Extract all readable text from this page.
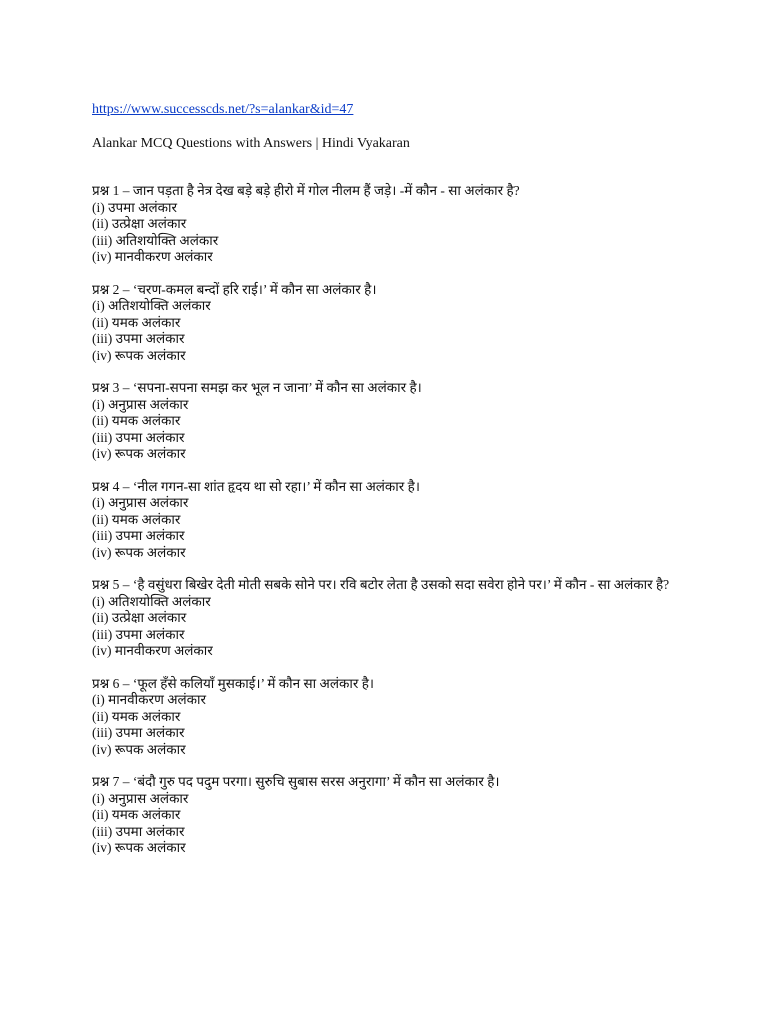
https://www.successcds.net/?s=alankar&id=47
Alankar MCQ Questions with Answers | Hindi Vyakaran
प्रश्न 1 – जान पड़ता है नेत्र देख बड़े बड़े हीरो में गोल नीलम हैं जड़े। -में कौन - सा अलंकार है?
(i) उपमा अलंकार
(ii) उत्प्रेक्षा अलंकार
(iii) अतिशयोक्ति अलंकार
(iv) मानवीकरण अलंकार
प्रश्न 2 – ‘चरण-कमल बन्दों हरि राई।’ में कौन सा अलंकार है।
(i) अतिशयोक्ति अलंकार
(ii) यमक अलंकार
(iii) उपमा अलंकार
(iv) रूपक अलंकार
प्रश्न 3 – ‘सपना-सपना समझ कर भूल न जाना’ में कौन सा अलंकार है।
(i) अनुप्रास अलंकार
(ii) यमक अलंकार
(iii) उपमा अलंकार
(iv) रूपक अलंकार
प्रश्न 4 – ‘नील गगन-सा शांत हृदय था सो रहा।’ में कौन सा अलंकार है।
(i) अनुप्रास अलंकार
(ii) यमक अलंकार
(iii) उपमा अलंकार
(iv) रूपक अलंकार
प्रश्न 5 – ‘है वसुंधरा बिखेर देती मोती सबके सोने पर। रवि बटोर लेता है उसको सदा सवेरा होने पर।’ में कौन - सा अलंकार है?
(i) अतिशयोक्ति अलंकार
(ii) उत्प्रेक्षा अलंकार
(iii) उपमा अलंकार
(iv) मानवीकरण अलंकार
प्रश्न 6 – ‘फूल हँसे कलियाँ मुसकाई।’ में कौन सा अलंकार है।
(i) मानवीकरण अलंकार
(ii) यमक अलंकार
(iii) उपमा अलंकार
(iv) रूपक अलंकार
प्रश्न 7 – ‘बंदौ गुरु पद पदुम परगा। सुरुचि सुबास सरस अनुरागा’ में कौन सा अलंकार है।
(i) अनुप्रास अलंकार
(ii) यमक अलंकार
(iii) उपमा अलंकार
(iv) रूपक अलंकार
